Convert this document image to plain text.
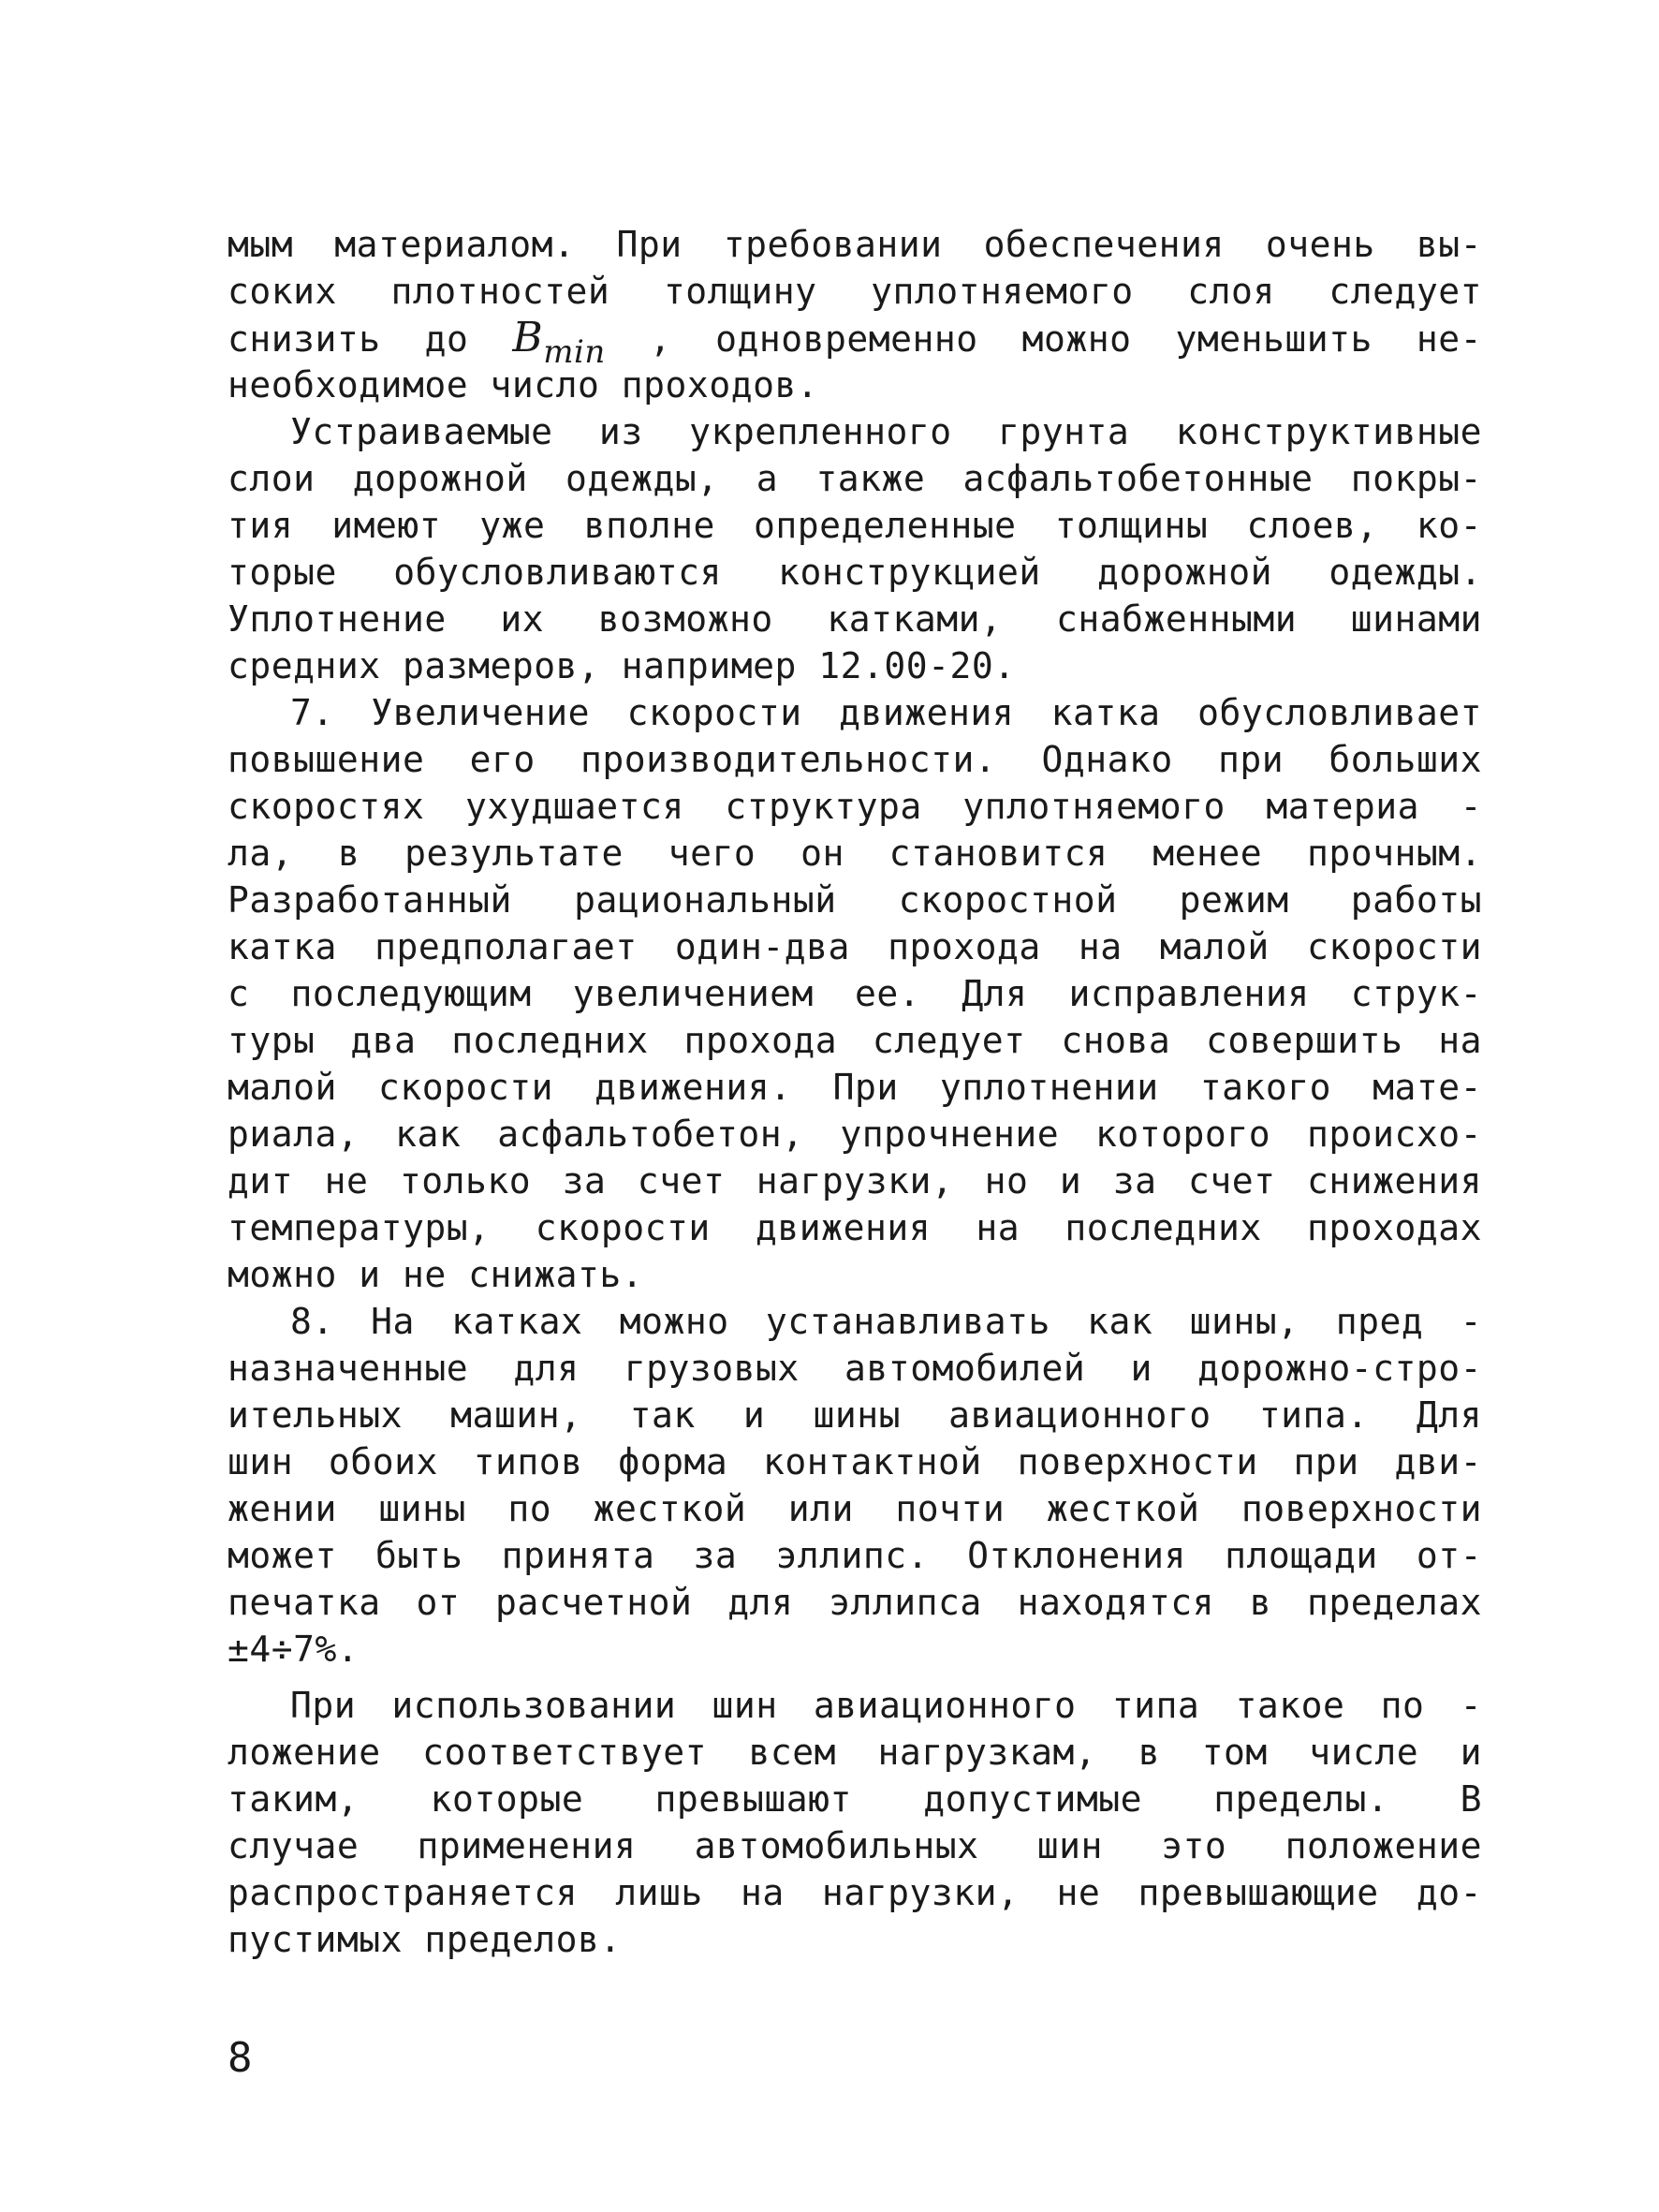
мым материалом. При требовании обеспечения очень вы-
соких плотностей толщину уплотняемого слоя следует
снизить до $B_{min}$ , одновременно можно уменьшить не-
необходимое число проходов.
Устраиваемые из укрепленного грунта конструктивные
слои дорожной одежды, а также асфальтобетонные покры-
тия имеют уже вполне определенные толщины слоев, ко-
торые обусловливаются конструкцией дорожной одежды.
Уплотнение их возможно катками, снабженными шинами
средних размеров, например 12.00-20.
7. Увеличение скорости движения катка обусловливает
повышение его производительности. Однако при больших
скоростях ухудшается структура уплотняемого материа -
ла, в результате чего он становится менее прочным.
Разработанный рациональный скоростной режим работы
катка предполагает один-два прохода на малой скорости
с последующим увеличением ее. Для исправления струк-
туры два последних прохода следует снова совершить на
малой скорости движения. При уплотнении такого мате-
риала, как асфальтобетон, упрочнение которого происхо-
дит не только за счет нагрузки, но и за счет снижения
температуры, скорости движения на последних проходах
можно и не снижать.
8. На катках можно устанавливать как шины, пред -
назначенные для грузовых автомобилей и дорожно-стро-
ительных машин, так и шины авиационного типа. Для
шин обоих типов форма контактной поверхности при дви-
жении шины по жесткой или почти жесткой поверхности
может быть принята за эллипс. Отклонения площади от-
печатка от расчетной для эллипса находятся в пределах
±4÷7%.
При использовании шин авиационного типа такое по -
ложение соответствует всем нагрузкам, в том числе и
таким, которые превышают допустимые пределы. В
случае применения автомобильных шин это положение
распространяется лишь на нагрузки, не превышающие до-
пустимых пределов.
8
